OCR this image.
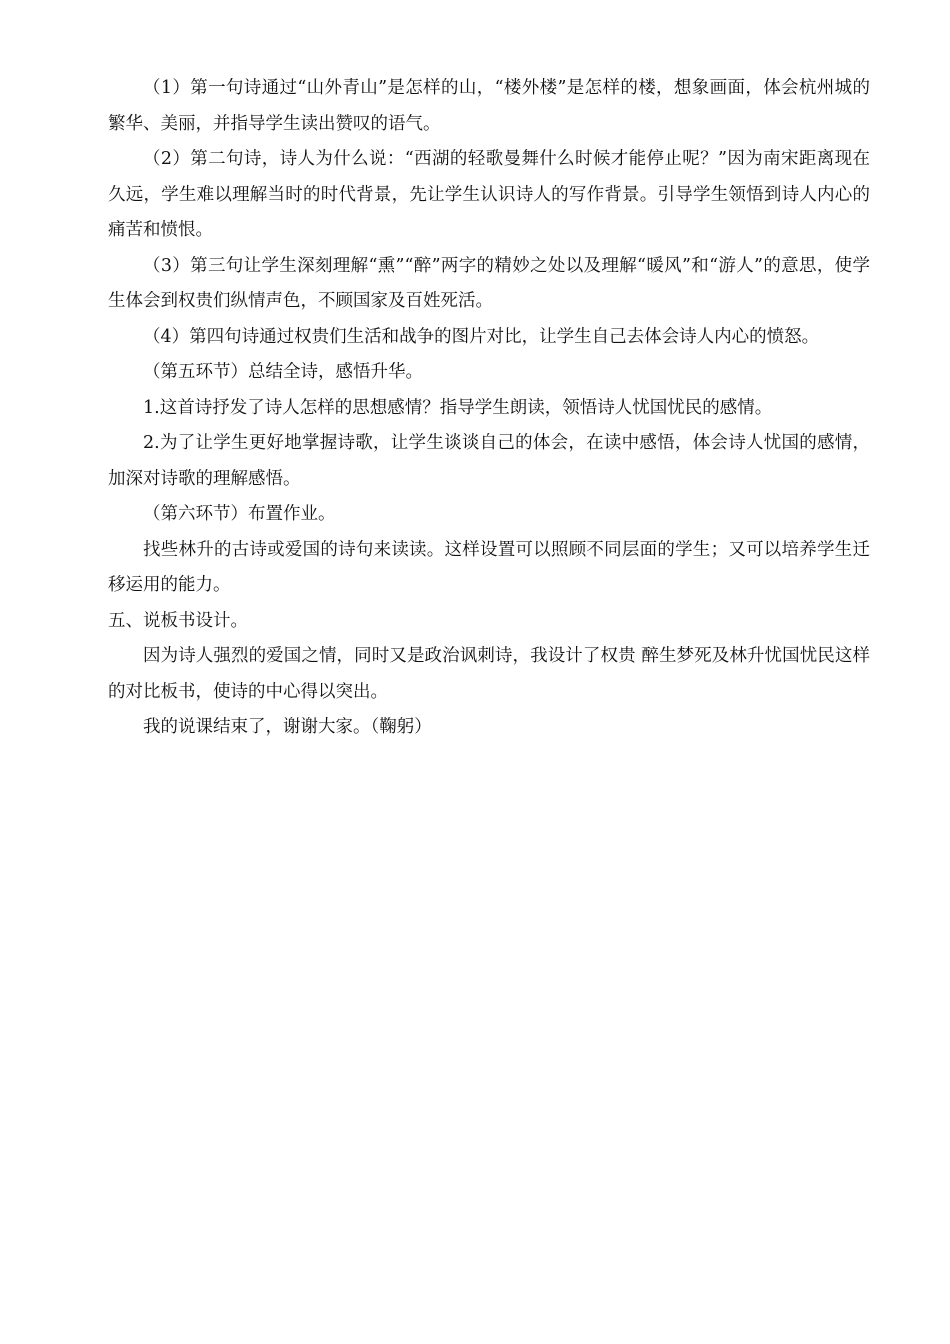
（1）第一句诗通过“山外青山”是怎样的山，“楼外楼”是怎样的楼，想象画面，体会杭州城的繁华、美丽，并指导学生读出赞叹的语气。

（2）第二句诗，诗人为什么说：“西湖的轻歌曼舞什么时候才能停止呢？”因为南宋距离现在久远，学生难以理解当时的时代背景，先让学生认识诗人的写作背景。引导学生领悟到诗人内心的痛苦和愤恨。

（3）第三句让学生深刻理解“熏”“醉”两字的精妙之处以及理解“暖风”和“游人”的意思，使学生体会到权贵们纵情声色，不顾国家及百姓死活。

（4）第四句诗通过权贵们生活和战争的图片对比，让学生自己去体会诗人内心的愤怒。

（第五环节）总结全诗，感悟升华。

1.这首诗抒发了诗人怎样的思想感情？指导学生朗读，领悟诗人忧国忧民的感情。

2.为了让学生更好地掌握诗歌，让学生谈谈自己的体会，在读中感悟，体会诗人忧国的感情，加深对诗歌的理解感悟。

（第六环节）布置作业。

找些林升的古诗或爱国的诗句来读读。这样设置可以照顾不同层面的学生；又可以培养学生迁移运用的能力。

五、说板书设计。

因为诗人强烈的爱国之情，同时又是政治讽刺诗，我设计了权贵 醉生梦死及林升忧国忧民这样的对比板书，使诗的中心得以突出。

我的说课结束了，谢谢大家。（鞠躬）
